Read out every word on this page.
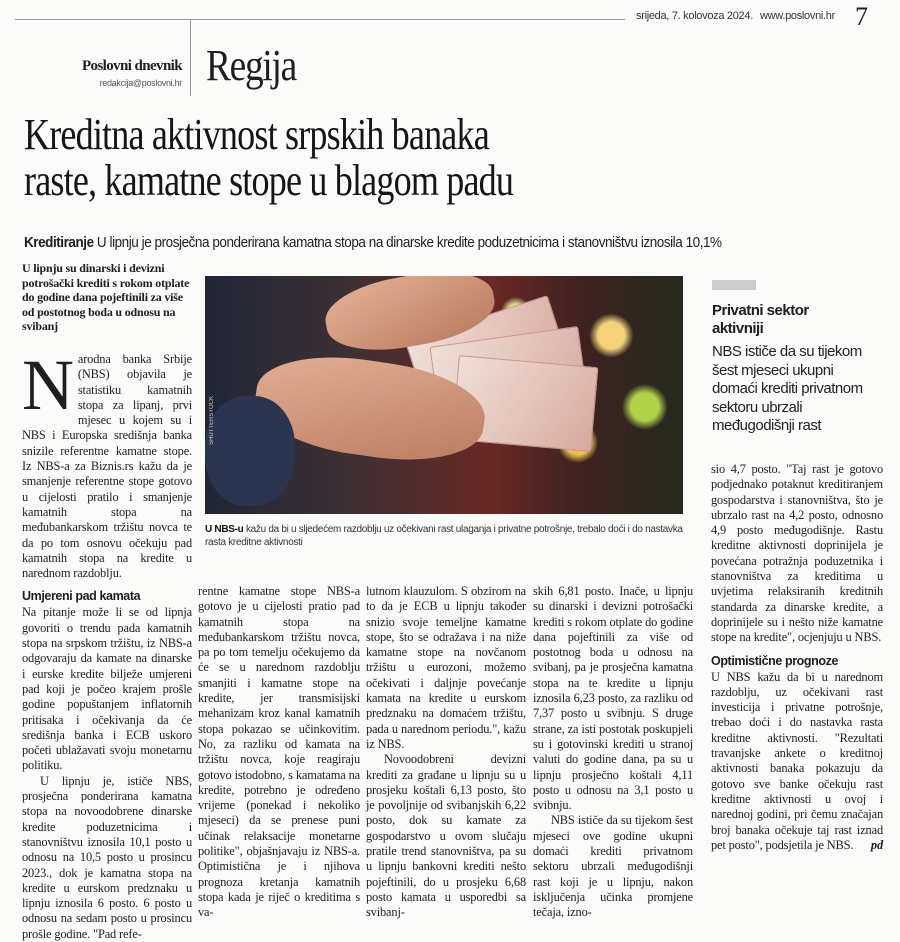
srijeda, 7. kolovoza 2024. www.poslovni.hr 7
Poslovni dnevnik
redakcija@poslovni.hr Regija
Kreditna aktivnost srpskih banaka
raste, kamatne stope u blagom padu
Kreditiranje U lipnju je prosječna ponderirana kamatna stopa na dinarske kredite poduzetnicima i stanovništvu iznosila 10,1%
U lipnju su dinarski i devizni potrošački krediti s rokom otplate do godine dana pojeftinili za više od postotnog boda u odnosu na svibanj

Narodna banka Srbije (NBS) objavila je statistiku kamatnih stopa za lipanj, prvi mjesec u kojem su i NBS i Europska središnja banka snizile referentne kamatne stope. Iz NBS-a za Biznis.rs kažu da je smanjenje referentne stope gotovo u cijelosti pratilo i smanjenje kamatnih stopa na međubankarskom tržištu novca te da po tom osnovu očekuju pad kamatnih stopa na kredite u narednom razdoblju.

Umjereni pad kamata

Na pitanje može li se od lipnja govoriti o trendu pada kamatnih stopa na srpskom tržištu, iz NBS-a odgovaraju da kamate na dinarske i eurske kredite bilježe umjereni pad koji je počeo krajem prošle godine popuštanjem inflatornih pritisaka i očekivanja da će središnja banka i ECB uskoro početi ublažavati svoju monetarnu politiku.

U lipnju je, ističe NBS, prosječna ponderirana kamatna stopa na novoodobrene dinarske kredite poduzetnicima i stanovništvu iznosila 10,1 posto u odnosu na 10,5 posto u prosincu 2023., dok je kamatna stopa na kredite u eurskom predznaku u lipnju iznosila 6 posto. 6 posto u odnosu na sedam posto u prosincu prošle godine. "Pad refe-

SHUTTERSTOCK
U NBS-u kažu da bi u sljedećem razdoblju uz očekivani rast ulaganja i privatne potrošnje, trebalo doći i do nastavka rasta kreditne aktivnosti

rentne kamatne stope NBS-a gotovo je u cijelosti pratio pad kamatnih stopa na međubankarskom tržištu novca, pa po tom temelju očekujemo da će se u narednom razdoblju smanjiti i kamatne stope na kredite, jer transmisijski mehanizam kroz kanal kamatnih stopa pokazao se učinkovitim. No, za razliku od kamata na tržištu novca, koje reagiraju gotovo istodobno, s kamatama na kredite, potrebno je određeno vrijeme (ponekad i nekoliko mjeseci) da se prenese puni učinak relaksacije monetarne politike", objašnjavaju iz NBS-a. Optimistična je i njihova prognoza kretanja kamatnih stopa kada je riječ o kreditima s va-

lutnom klauzulom. S obzirom na to da je ECB u lipnju također snizio svoje temeljne kamatne stope, što se odražava i na niže kamatne stope na novčanom tržištu u eurozoni, možemo očekivati i daljnje povećanje kamata na kredite u eurskom predznaku na domaćem tržištu, pada u narednom periodu.", kažu iz NBS.

Novoodobreni devizni krediti za građane u lipnju su u prosjeku koštali 6,13 posto, što je povoljnije od svibanjskih 6,22 posto, dok su kamate za gospodarstvo u ovom slučaju pratile trend stanovništva, pa su u lipnju bankovni krediti nešto pojeftinili, do u prosjeku 6,68 posto kamata u usporedbi sa svibanj-

skih 6,81 posto. Inače, u lipnju su dinarski i devizni potrošački krediti s rokom otplate do godine dana pojeftinili za više od postotnog boda u odnosu na svibanj, pa je prosječna kamatna stopa na te kredite u lipnju iznosila 6,23 posto, za razliku od 7,37 posto u svibnju. S druge strane, za isti postotak poskupjeli su i gotovinski krediti u stranoj valuti do godine dana, pa su u lipnju prosječno koštali 4,11 posto u odnosu na 3,1 posto u svibnju.

NBS ističe da su tijekom šest mjeseci ove godine ukupni domaći krediti privatnom sektoru ubrzali međugodišnji rast koji je u lipnju, nakon isključenja učinka promjene tečaja, izno-

Privatni sektor aktivniji
NBS ističe da su tijekom šest mjeseci ukupni domaći krediti privatnom sektoru ubrzali međugodišnji rast

sio 4,7 posto. "Taj rast je gotovo podjednako potaknut kreditiranjem gospodarstva i stanovništva, što je ubrzalo rast na 4,2 posto, odnosno 4,9 posto međugodišnje. Rastu kreditne aktivnosti doprinijela je povećana potražnja poduzetnika i stanovništva za kreditima u uvjetima relaksiranih kreditnih standarda za dinarske kredite, a doprinijele su i nešto niže kamatne stope na kredite", ocjenjuju u NBS.

Optimistične prognoze

U NBS kažu da bi u narednom razdoblju, uz očekivani rast investicija i privatne potrošnje, trebao doći i do nastavka rasta kreditne aktivnosti. "Rezultati travanjske ankete o kreditnoj aktivnosti banaka pokazuju da gotovo sve banke očekuju rast kreditne aktivnosti u ovoj i narednoj godini, pri čemu značajan broj banaka očekuje taj rast iznad pet posto", podsjetila je NBS. pd
